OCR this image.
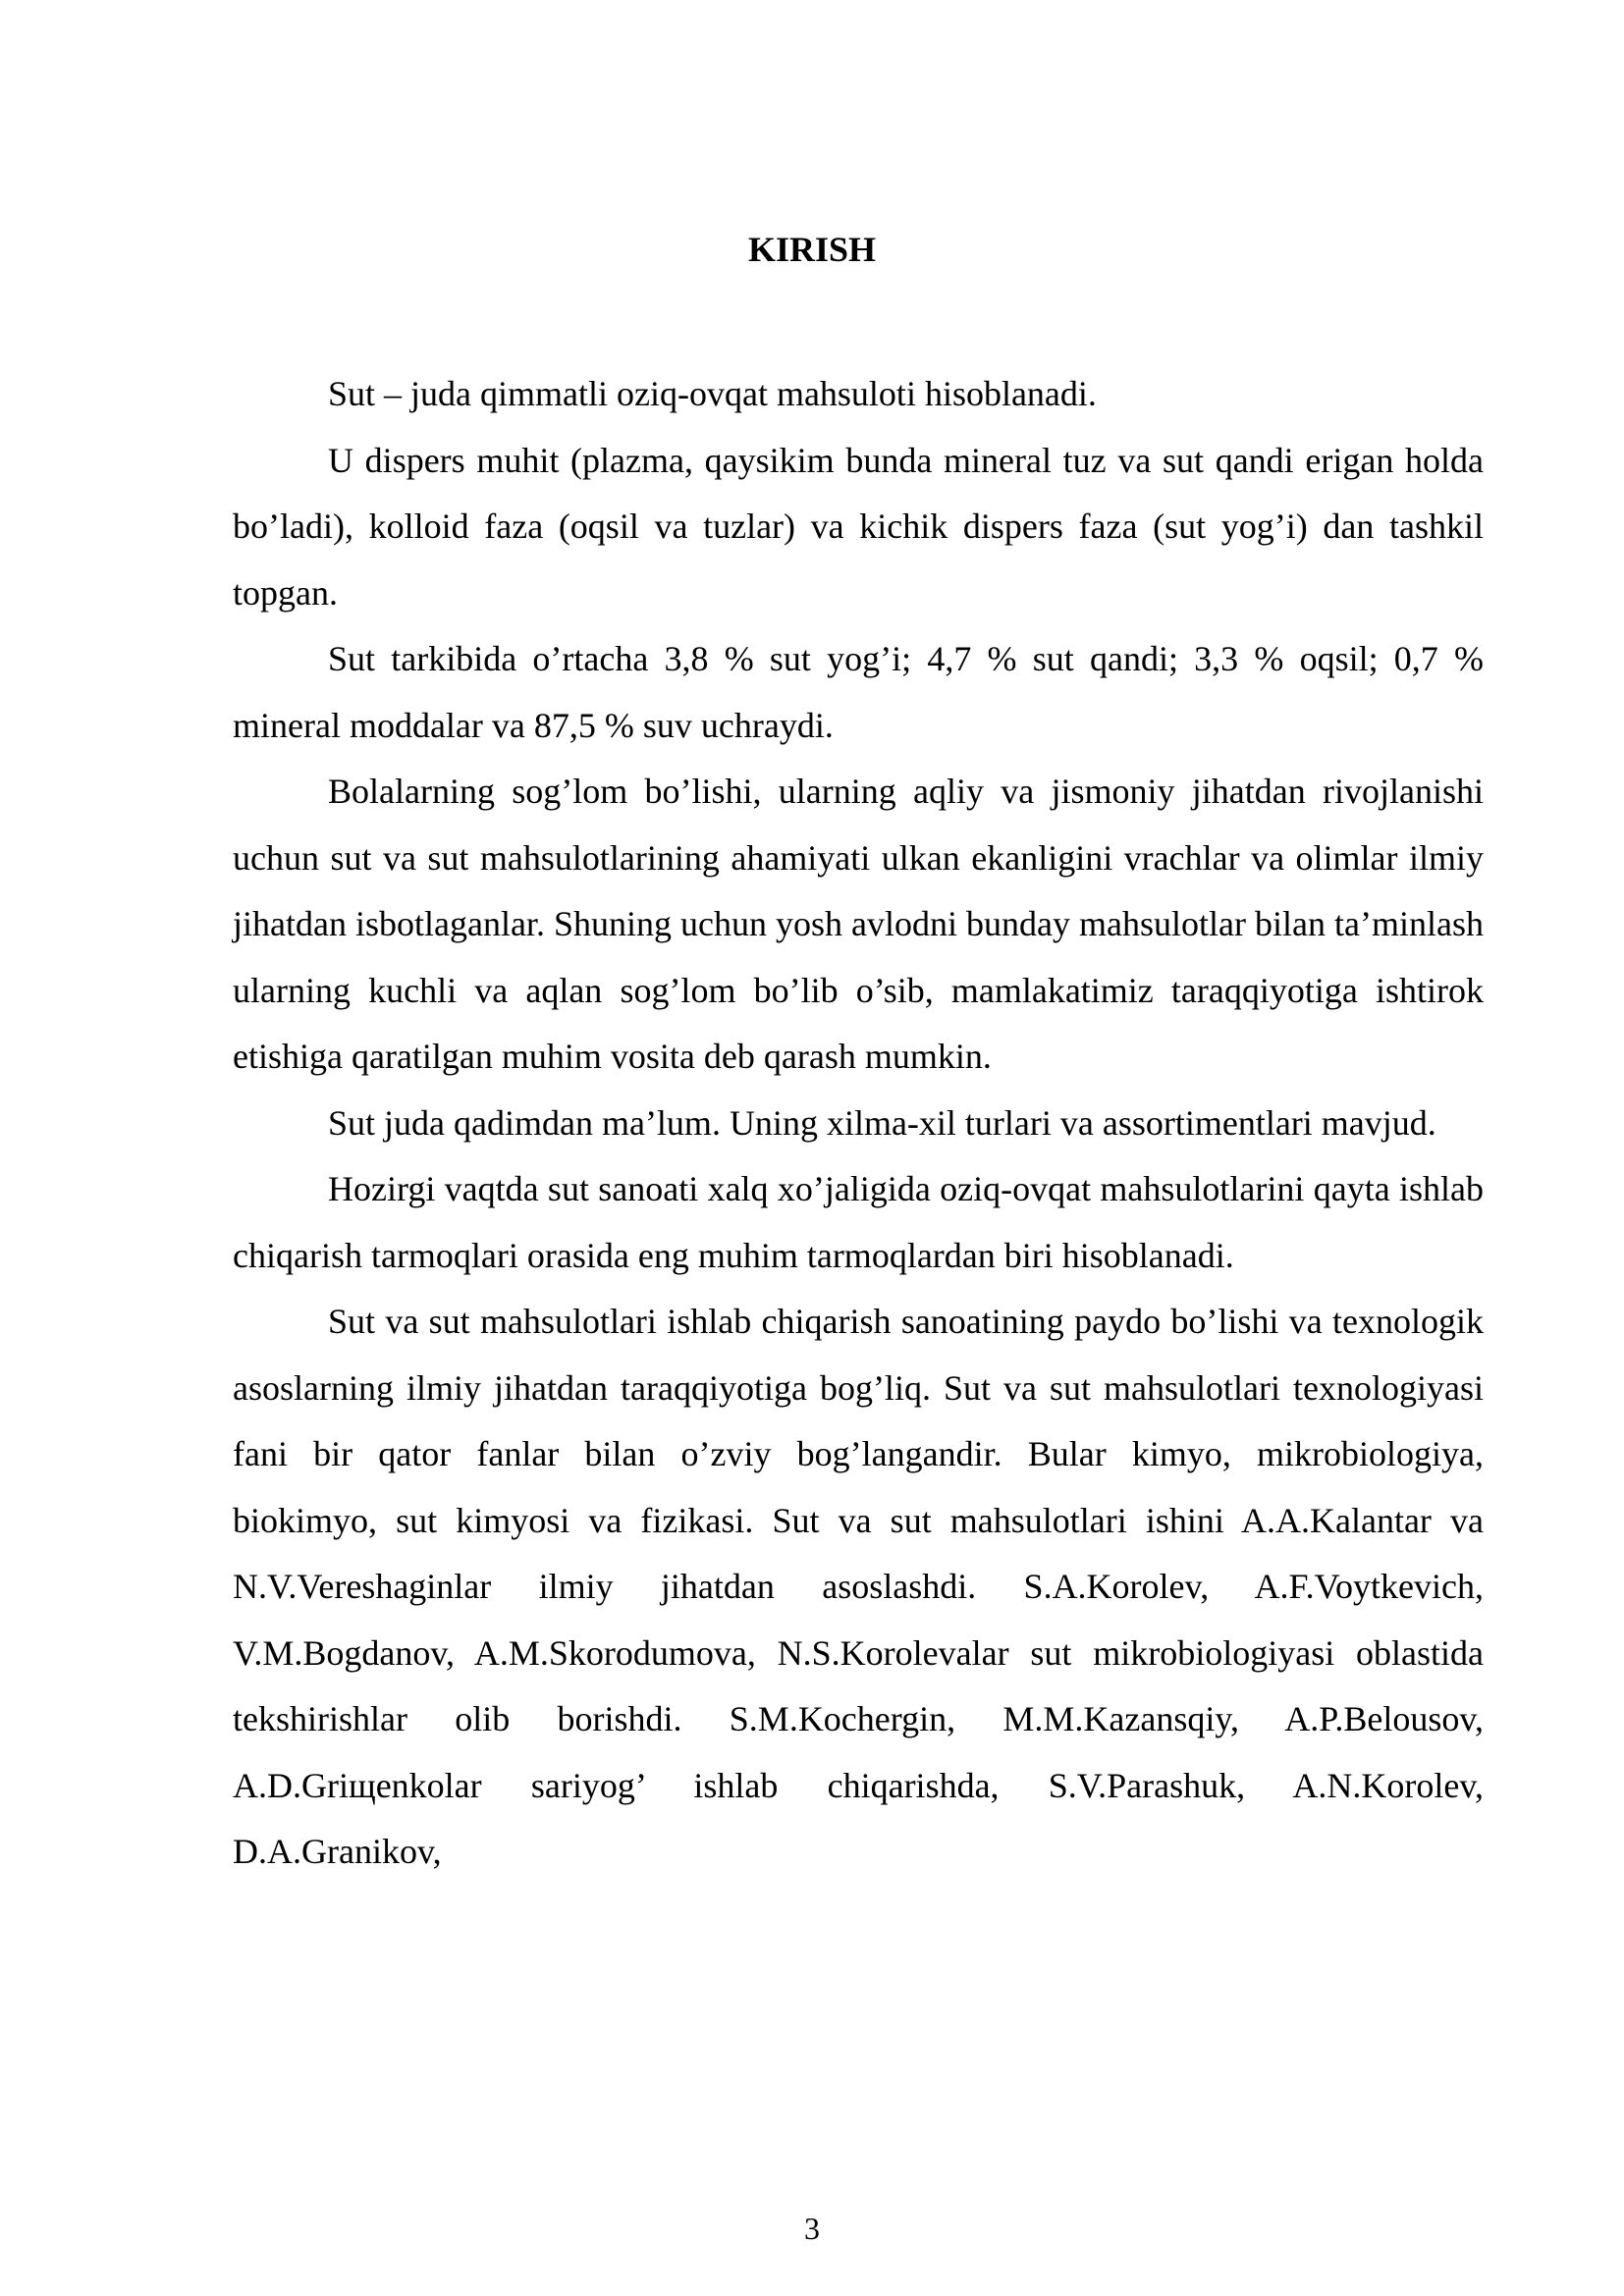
KIRISH

Sut – juda qimmatli oziq-ovqat mahsuloti hisoblanadi.

U dispers muhit (plazma, qaysikim bunda mineral tuz va sut qandi erigan holda bo’ladi), kolloid faza (oqsil va tuzlar) va kichik dispers faza (sut yog’i) dan tashkil topgan.

Sut tarkibida o’rtacha 3,8 % sut yog’i; 4,7 % sut qandi; 3,3 % oqsil; 0,7 % mineral moddalar va 87,5 % suv uchraydi.

Bolalarning sog’lom bo’lishi, ularning aqliy va jismoniy jihatdan rivojlanishi uchun sut va sut mahsulotlarining ahamiyati ulkan ekanligini vrachlar va olimlar ilmiy jihatdan isbotlaganlar. Shuning uchun yosh avlodni bunday mahsulotlar bilan ta’minlash ularning kuchli va aqlan sog’lom bo’lib o’sib, mamlakatimiz taraqqiyotiga ishtirok etishiga qaratilgan muhim vosita deb qarash mumkin.

Sut juda qadimdan ma’lum. Uning xilma-xil turlari va assortimentlari mavjud.

Hozirgi vaqtda sut sanoati xalq xo’jaligida oziq-ovqat mahsulotlarini qayta ishlab chiqarish tarmoqlari orasida eng muhim tarmoqlardan biri hisoblanadi.

Sut va sut mahsulotlari ishlab chiqarish sanoatining paydo bo’lishi va texnologik asoslarning ilmiy jihatdan taraqqiyotiga bog’liq. Sut va sut mahsulotlari texnologiyasi fani bir qator fanlar bilan o’zviy bog’langandir. Bular kimyo, mikrobiologiya, biokimyo, sut kimyosi va fizikasi. Sut va sut mahsulotlari ishini A.A.Kalantar va N.V.Vereshaginlar ilmiy jihatdan asoslashdi. S.A.Korolev, A.F.Voytkevich, V.M.Bogdanov, A.M.Skorodumova, N.S.Korolevalar sut mikrobiologiyasi oblastida tekshirishlar olib borishdi. S.M.Kochergin, M.M.Kazansqiy, A.P.Belousov, A.D.Griщenkolar sariyog’ ishlab chiqarishda, S.V.Parashuk, A.N.Korolev, D.A.Granikov,

3
